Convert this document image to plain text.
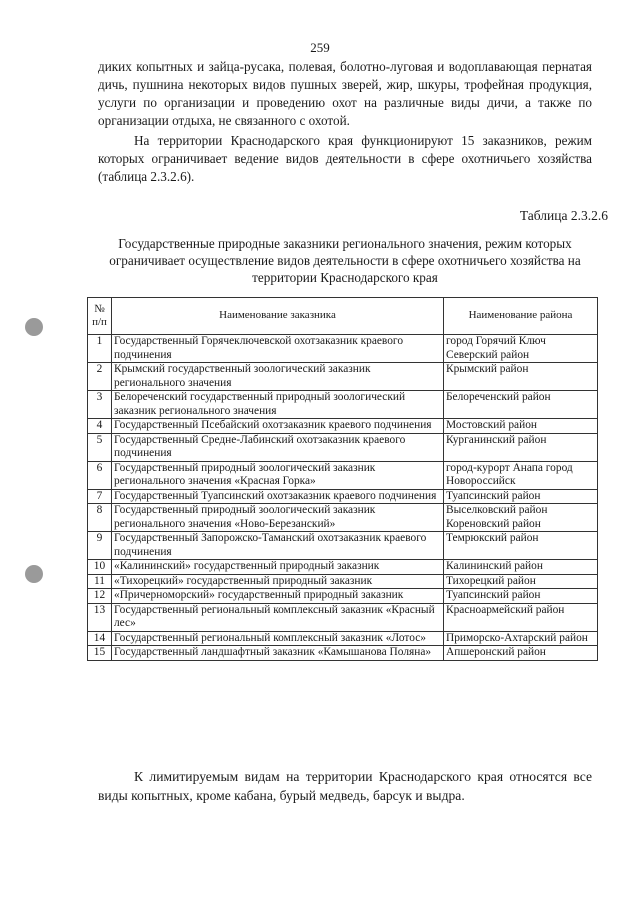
259

диких копытных и зайца-русака, полевая, болотно-луговая и водоплавающая пернатая дичь, пушнина некоторых видов пушных зверей, жир, шкуры, трофейная продукция, услуги по организации и проведению охот на различные виды дичи, а также по организации отдыха, не связанного с охотой.

На территории Краснодарского края функционируют 15 заказников, режим которых ограничивает ведение видов деятельности в сфере охотничьего хозяйства (таблица 2.3.2.6).

Таблица 2.3.2.6
Государственные природные заказники регионального значения, режим которых ограничивает осуществление видов деятельности в сфере охотничьего хозяйства на территории Краснодарского края
№ п/п	Наименование заказника	Наименование района
1	Государственный Горячеключевской охотзаказник краевого подчинения	город Горячий Ключ Северский район
2	Крымский государственный зоологический заказник регионального значения	Крымский район
3	Белореченский государственный природный зоологический заказник регионального значения	Белореченский район
4	Государственный Псебайский охотзаказник краевого подчинения	Мостовский район
5	Государственный Средне-Лабинский охотзаказник краевого подчинения	Курганинский район
6	Государственный природный зоологический заказник регионального значения «Красная Горка»	город-курорт Анапа город Новороссийск
7	Государственный Туапсинский охотзаказник краевого подчинения	Туапсинский район
8	Государственный природный зоологический заказник регионального значения «Ново-Березанский»	Выселковский район Кореновский район
9	Государственный Запорожско-Таманский охотзаказник краевого подчинения	Темрюкский район
10	«Калининский» государственный природный заказник	Калининский район
11	«Тихорецкий» государственный природный заказник	Тихорецкий район
12	«Причерноморский» государственный природный заказник	Туапсинский район
13	Государственный региональный комплексный заказник «Красный лес»	Красноармейский район
14	Государственный региональный комплексный заказник «Лотос»	Приморско-Ахтарский район
15	Государственный ландшафтный заказник «Камышанова Поляна»	Апшеронский район

К лимитируемым видам на территории Краснодарского края относятся все виды копытных, кроме кабана, бурый медведь, барсук и выдра.
